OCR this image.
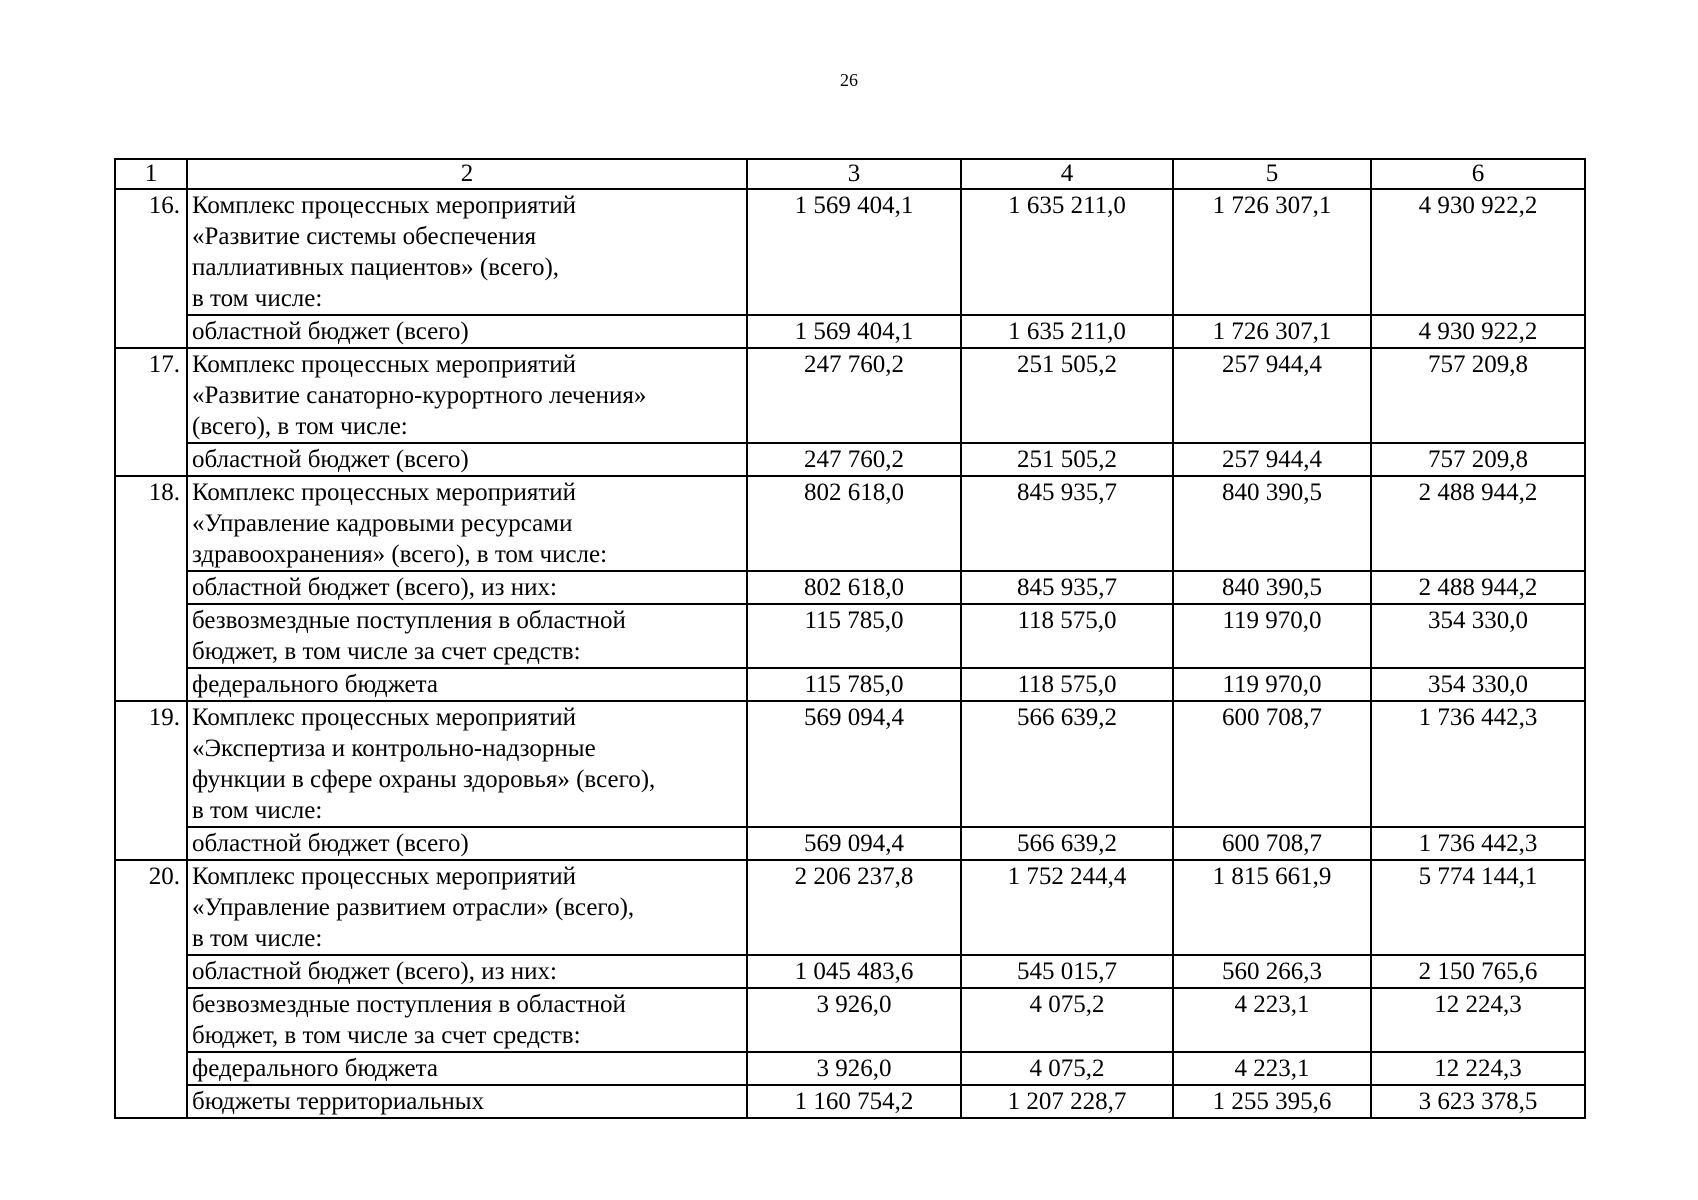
26
1	2	3	4	5	6
16.	Комплекс процессных мероприятий
«Развитие системы обеспечения
паллиативных пациентов» (всего),
в том числе:	1 569 404,1	1 635 211,0	1 726 307,1	4 930 922,2

	областной бюджет (всего)	1 569 404,1	1 635 211,0	1 726 307,1	4 930 922,2
17.	Комплекс процессных мероприятий
«Развитие санаторно-курортного лечения»
(всего), в том числе:	247 760,2	251 505,2	257 944,4	757 209,8

	областной бюджет (всего)	247 760,2	251 505,2	257 944,4	757 209,8
18.	Комплекс процессных мероприятий
«Управление кадровыми ресурсами
здравоохранения» (всего), в том числе:	802 618,0	845 935,7	840 390,5	2 488 944,2

	областной бюджет (всего), из них:	802 618,0	845 935,7	840 390,5	2 488 944,2

	безвозмездные поступления в областной
бюджет, в том числе за счет средств:	115 785,0	118 575,0	119 970,0	354 330,0

	федерального бюджета	115 785,0	118 575,0	119 970,0	354 330,0
19.	Комплекс процессных мероприятий
«Экспертиза и контрольно-надзорные
функции в сфере охраны здоровья» (всего),
в том числе:	569 094,4	566 639,2	600 708,7	1 736 442,3

	областной бюджет (всего)	569 094,4	566 639,2	600 708,7	1 736 442,3
20.	Комплекс процессных мероприятий
«Управление развитием отрасли» (всего),
в том числе:	2 206 237,8	1 752 244,4	1 815 661,9	5 774 144,1

	областной бюджет (всего), из них:	1 045 483,6	545 015,7	560 266,3	2 150 765,6

	безвозмездные поступления в областной
бюджет, в том числе за счет средств:	3 926,0	4 075,2	4 223,1	12 224,3

	федерального бюджета	3 926,0	4 075,2	4 223,1	12 224,3

	бюджеты территориальных	1 160 754,2	1 207 228,7	1 255 395,6	3 623 378,5
